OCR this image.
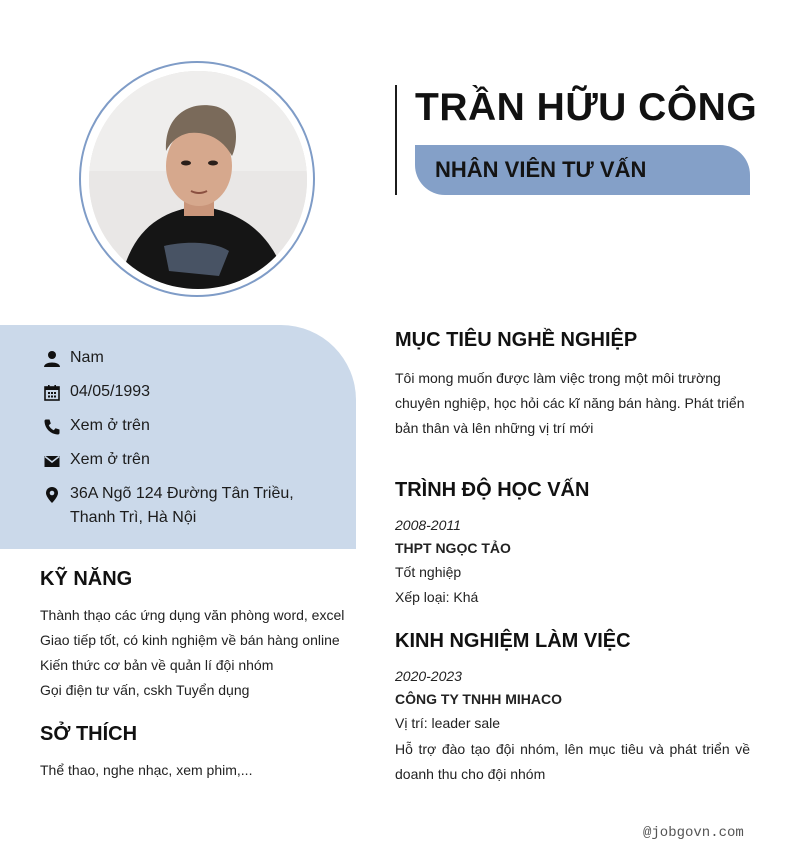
TRẦN HỮU CÔNG
NHÂN VIÊN TƯ VẤN
Nam
04/05/1993
Xem ở trên
Xem ở trên
36A Ngõ 124 Đường Tân Triều,
Thanh Trì, Hà Nội
KỸ NĂNG
Thành thạo các ứng dụng văn phòng word, excel
Giao tiếp tốt, có kinh nghiệm về bán hàng online
Kiến thức cơ bản về quản lí đội nhóm
Gọi điện tư vấn, cskh Tuyển dụng
SỞ THÍCH
Thể thao, nghe nhạc, xem phim,...
MỤC TIÊU NGHỀ NGHIỆP
Tôi mong muốn được làm việc trong một môi trường chuyên nghiệp, học hỏi các kĩ năng bán hàng. Phát triển bản thân và lên những vị trí mới
TRÌNH ĐỘ HỌC VẤN
2008-2011
THPT NGỌC TẢO
Tốt nghiệp
Xếp loại: Khá
KINH NGHIỆM LÀM VIỆC
2020-2023
CÔNG TY TNHH MIHACO
Vị trí: leader sale
Hỗ trợ đào tạo đội nhóm, lên mục tiêu và phát triển về doanh thu cho đội nhóm
@jobgovn.com
